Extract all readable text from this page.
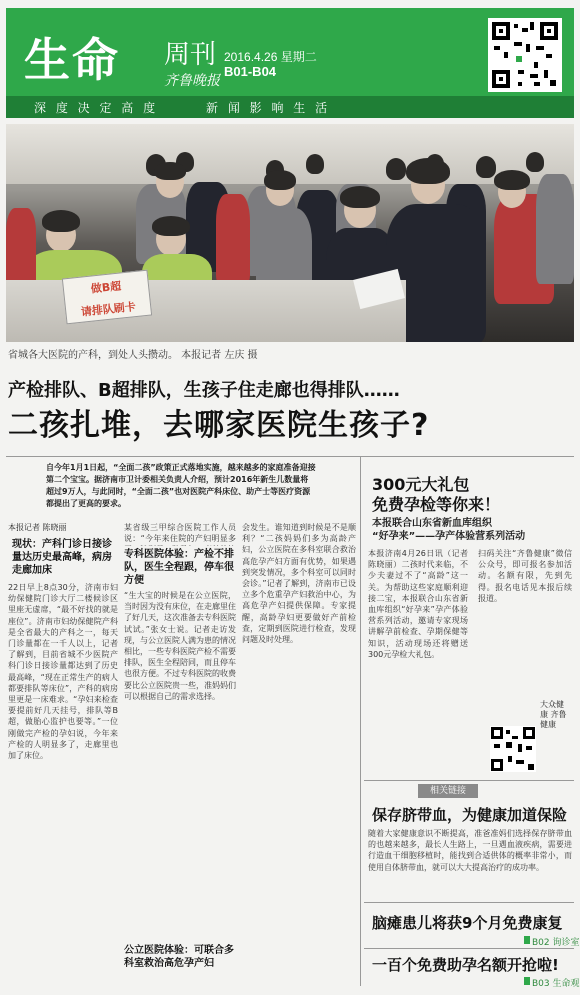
生命 周刊
齐鲁晚报
2016.4.26 星期二
B01-B04
深 度 决 定 高 度	新 闻 影 响 生 活
做B超
请排队刷卡
省城各大医院的产科，到处人头攒动。 本报记者 左庆 摄
产检排队、B超排队，生孩子住走廊也得排队……
二孩扎堆，去哪家医院生孩子?
自今年1月1日起，“全面二孩”政策正式落地实施，越来越多的家庭准备迎接第二个宝宝。据济南市卫计委相关负责人介绍，预计2016年新生儿数量将超过9万人，与此同时，“全面二孩”也对医院产科床位、助产士等医疗资源都提出了更高的要求。
300元大礼包
免费孕检等你来！
本报联合山东省新血库组织
“好孕来”——孕产体验营系列活动
本报济南4月26日讯（记者 陈晓丽）二孩时代来临，不少夫妻过不了“高龄”这一关。为帮助这些家庭顺利迎接二宝，本报联合山东省新血库组织“好孕来”孕产体验营系列活动，邀请专家现场讲解孕前检查、孕期保健等知识，活动现场还将赠送300元孕检大礼包。
扫码关注“齐鲁健康”微信公众号，即可报名参加活动。名额有限，先到先得。报名电话见本报后续报道。
大众健康 齐鲁健康
相关链接
保存脐带血，为健康加道保险
随着大家健康意识不断提高，准爸准妈们选择保存脐带血的也越来越多，最长人生路上，一旦遇血液疾病，需要进行造血干细胞移植时，能找到合适供体的概率非常小，而使用自体脐带血，就可以大大提高治疗的成功率。
脑瘫患儿将获9个月免费康复
B02 询诊室
一百个免费助孕名额开抢啦!
B03 生命观
本报记者 陈晓丽
现状：产科门诊日接诊量达历史最高峰，病房走廊加床
22日早上8点30分，济南市妇幼保健院门诊大厅二楼候诊区里座无虚席，“最不好找的就是座位”。济南市妇幼保健院产科是全省最大的产科之一，每天门诊量都在一千人以上，记者了解到，目前省城不少医院产科门诊日接诊量都达到了历史最高峰，“现在正常生产的病人都要排队等床位”，产科的病房里更是一床难求。“孕妇来检查要提前好几天挂号，排队等B超，做胎心监护也要等。”一位刚做完产检的孕妇说，今年来产检的人明显多了，走廊里也加了床位。
某省级三甲综合医院工作人员说：“今年来住院的产妇明显多
专科医院体验：产检不排队，医生全程跟，停车很方便
“生大宝的时候是在公立医院，当时因为没有床位，在走廊里住了好几天，这次准备去专科医院试试。”张女士说。记者走访发现，与公立医院人满为患的情况相比，一些专科医院产检不需要排队，医生全程陪同，而且停车也很方便。不过专科医院的收费要比公立医院贵一些，准妈妈们可以根据自己的需求选择。
公立医院体验：可联合多科室救治高危孕产妇
会发生。谁知道到时候是不是顺利？“二孩妈妈们多为高龄产妇，公立医院在多科室联合救治高危孕产妇方面有优势，如果遇到突发情况，多个科室可以同时会诊。”记者了解到，济南市已设立多个危重孕产妇救治中心，为高危孕产妇提供保障。专家提醒，高龄孕妇更要做好产前检查，定期到医院进行检查，发现问题及时处理。
